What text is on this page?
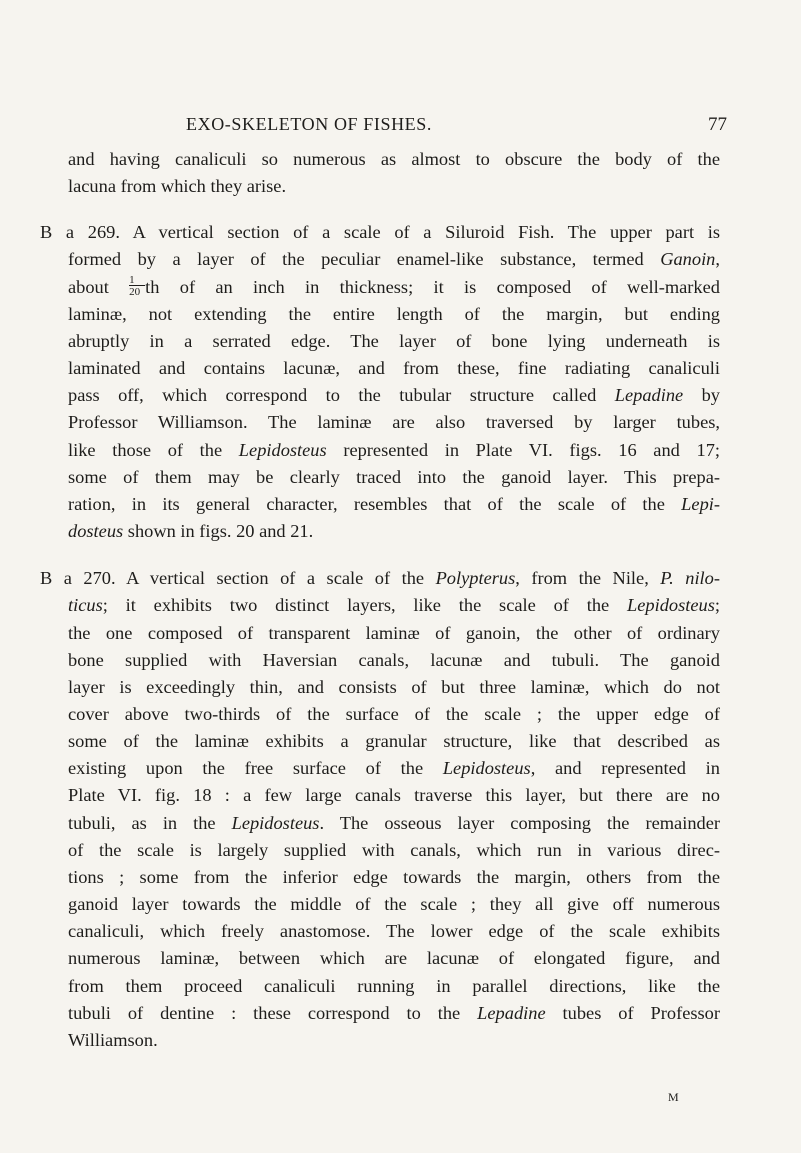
EXO-SKELETON OF FISHES.	77
and having canaliculi so numerous as almost to obscure the body of the
lacuna from which they arise.
B a 269. A vertical section of a scale of a Siluroid Fish. The upper part is
formed by a layer of the peculiar enamel-like substance, termed Ganoin,
about $\frac{1}{20}$ th of an inch in thickness; it is composed of well-marked
laminæ, not extending the entire length of the margin, but ending
abruptly in a serrated edge. The layer of bone lying underneath is
laminated and contains lacunæ, and from these, fine radiating canaliculi
pass off, which correspond to the tubular structure called Lepadine by
Professor Williamson. The laminæ are also traversed by larger tubes,
like those of the Lepidosteus represented in Plate VI. figs. 16 and 17;
some of them may be clearly traced into the ganoid layer. This prepa-
ration, in its general character, resembles that of the scale of the Lepi-
dosteus shown in figs. 20 and 21.
B a 270. A vertical section of a scale of the Polypterus, from the Nile, P. nilo-
ticus; it exhibits two distinct layers, like the scale of the Lepidosteus;
the one composed of transparent laminæ of ganoin, the other of ordinary
bone supplied with Haversian canals, lacunæ and tubuli. The ganoid
layer is exceedingly thin, and consists of but three laminæ, which do not
cover above two-thirds of the surface of the scale ; the upper edge of
some of the laminæ exhibits a granular structure, like that described as
existing upon the free surface of the Lepidosteus, and represented in
Plate VI. fig. 18 : a few large canals traverse this layer, but there are no
tubuli, as in the Lepidosteus. The osseous layer composing the remainder
of the scale is largely supplied with canals, which run in various direc-
tions ; some from the inferior edge towards the margin, others from the
ganoid layer towards the middle of the scale ; they all give off numerous
canaliculi, which freely anastomose. The lower edge of the scale exhibits
numerous laminæ, between which are lacunæ of elongated figure, and
from them proceed canaliculi running in parallel directions, like the
tubuli of dentine : these correspond to the Lepadine tubes of Professor
Williamson.
M
